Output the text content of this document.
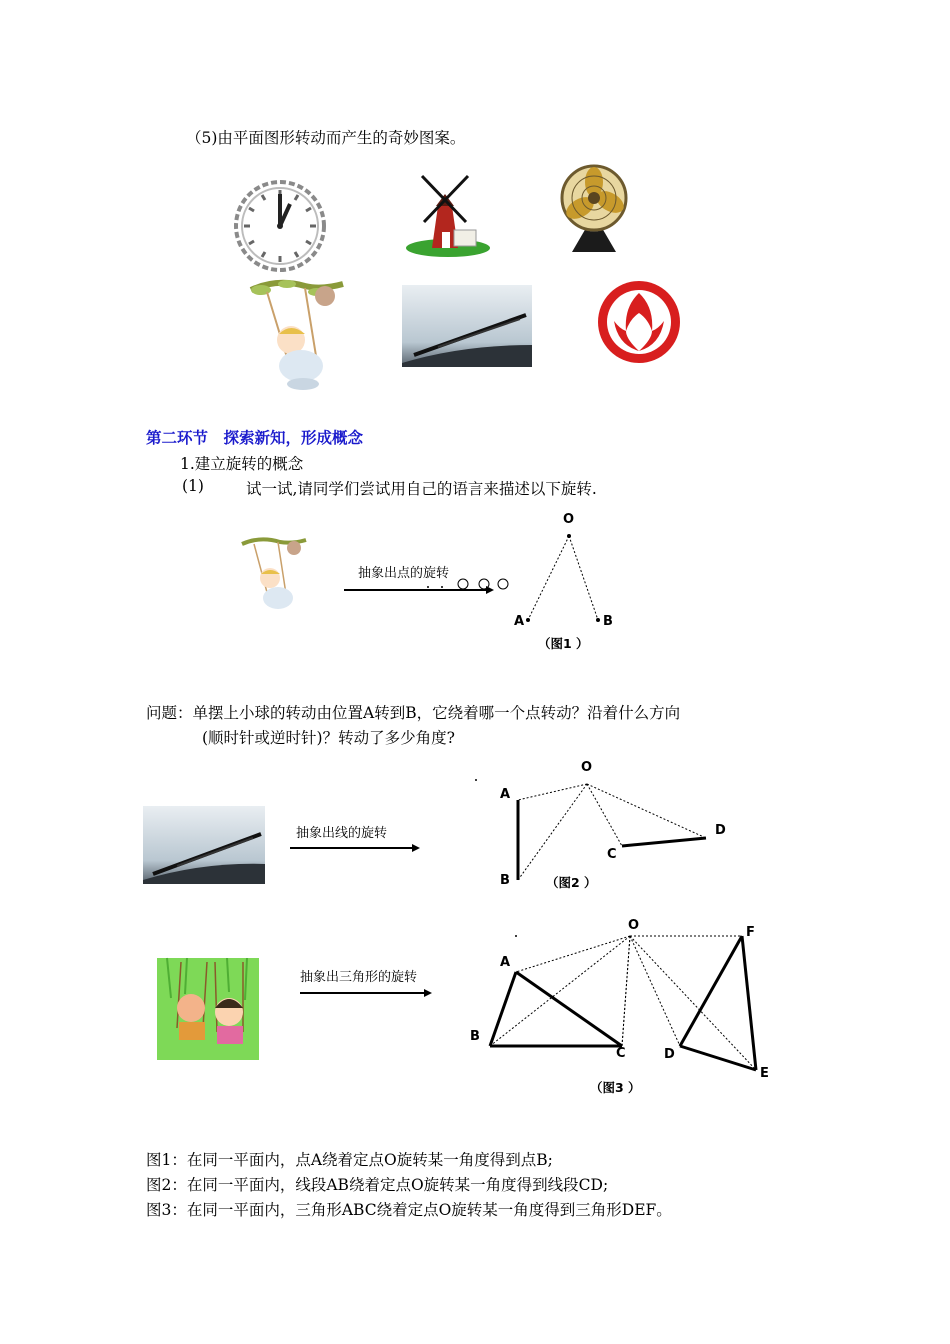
（5)由平面图形转动而产生的奇妙图案。
第二环节　探索新知，形成概念
1.建立旋转的概念
(1)	试一试,请同学们尝试用自己的语言来描述以下旋转.
抽象出点的旋转
O
A	B
（图1 ）
问题：单摆上小球的转动由位置A转到B，它绕着哪一个点转动？沿着什么方向
(顺时针或逆时针)？转动了多少角度?
抽象出线的旋转
O
A
B
C
D
（图2 ）
抽象出三角形的旋转
O
A
B
C	D
E
F
（图3 ）
图1：在同一平面内，点A绕着定点O旋转某一角度得到点B;
图2：在同一平面内，线段AB绕着定点O旋转某一角度得到线段CD;
图3：在同一平面内，三角形ABC绕着定点O旋转某一角度得到三角形DEF。
